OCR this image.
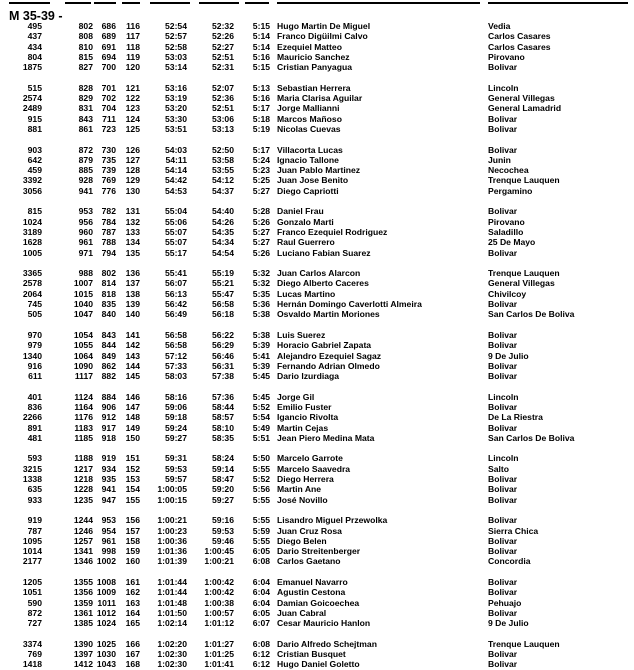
M 35-39 -
495	802	686	116	52:54	52:32	5:15 Hugo Martin De Miguel	Vedia
437	808	689	117	52:57	52:26	5:14 Franco Digüilmi Calvo	Carlos Casares
434	810	691	118	52:58	52:27	5:14 Ezequiel Matteo	Carlos Casares
804	815	694	119	53:03	52:51	5:16 Mauricio Sanchez	Pirovano
1875	827	700	120	53:14	52:31	5:15 Cristian Panyagua	Bolivar
515	828	701	121	53:16	52:07	5:13 Sebastian Herrera	Lincoln
2574	829	702	122	53:19	52:36	5:16 Maria Clarisa Aguilar	General Villegas
2489	831	704	123	53:20	52:51	5:17 Jorge Mallianni	General Lamadrid
915	843	711	124	53:30	53:06	5:18 Marcos Mañoso	Bolivar
881	861	723	125	53:51	53:13	5:19 Nicolas Cuevas	Bolivar
903	872	730	126	54:03	52:50	5:17 Villacorta Lucas	Bolivar
642	879	735	127	54:11	53:58	5:24 Ignacio Tallone	Junin
459	885	739	128	54:14	53:55	5:23 Juan Pablo Martinez	Necochea
3392	928	769	129	54:42	54:12	5:25 Juan Jose Benito	Trenque Lauquen
3056	941	776	130	54:53	54:37	5:27 Diego Capriotti	Pergamino
815	953	782	131	55:04	54:40	5:28 Daniel Frau	Bolivar
1024	956	784	132	55:06	54:26	5:26 Gonzalo Marti	Pirovano
3189	960	787	133	55:07	54:35	5:27 Franco Ezequiel Rodriguez	Saladillo
1628	961	788	134	55:07	54:34	5:27 Raul Guerrero	25 De Mayo
1005	971	794	135	55:17	54:54	5:26 Luciano Fabian Suarez	Bolivar
3365	988	802	136	55:41	55:19	5:32 Juan Carlos Alarcon	Trenque Lauquen
2578	1007	814	137	56:07	55:21	5:32 Diego Alberto Caceres	General Villegas
2064	1015	818	138	56:13	55:47	5:35 Lucas Martino	Chivilcoy
745	1040	835	139	56:42	56:58	5:36 Hernán Domingo Caverlotti Almeira	Bolivar
505	1047	840	140	56:49	56:18	5:38 Osvaldo Martin Moriones	San Carlos De Boliva
970	1054	843	141	56:58	56:22	5:38 Luis Suerez	Bolivar
979	1055	844	142	56:58	56:29	5:39 Horacio Gabriel Zapata	Bolivar
1340	1064	849	143	57:12	56:46	5:41 Alejandro Ezequiel Sagaz	9 De Julio
916	1090	862	144	57:33	56:31	5:39 Fernando Adrian Olmedo	Bolivar
611	1117	882	145	58:03	57:38	5:45 Dario Izurdiaga	Bolivar
401	1124	884	146	58:16	57:36	5:45 Jorge Gil	Lincoln
836	1164	906	147	59:06	58:44	5:52 Emilio Fuster	Bolivar
2266	1176	912	148	59:18	58:57	5:54 Igancio Rivolta	De La Riestra
891	1183	917	149	59:24	58:10	5:49 Martin Cejas	Bolivar
481	1185	918	150	59:27	58:35	5:51 Jean Piero Medina Mata	San Carlos De Boliva
593	1188	919	151	59:31	58:24	5:50 Marcelo Garrote	Lincoln
3215	1217	934	152	59:53	59:14	5:55 Marcelo Saavedra	Salto
1338	1218	935	153	59:57	58:47	5:52 Diego Herrera	Bolivar
635	1228	941	154 1:00:05	59:20	5:56 Martin Ane	Bolivar
933	1235	947	155 1:00:15	59:27	5:55 José Novillo	Bolivar
919	1244	953	156 1:00:21	59:16	5:55 Lisandro Miguel Przewolka	Bolivar
787	1246	954	157 1:00:23	59:53	5:59 Juan Cruz Rosa	Sierra Chica
1095	1257	961	158 1:00:36	59:46	5:55 Diego Belen	Bolivar
1014	1341	998	159 1:01:36 1:00:45	6:05 Dario Streitenberger	Bolivar
2177	1346 1002	160 1:01:39 1:00:21	6:08 Carlos Gaetano	Concordia
1205	1355 1008	161 1:01:44 1:00:42	6:04 Emanuel Navarro	Bolivar
1051	1356 1009	162 1:01:44 1:00:42	6:04 Agustin Cestona	Bolivar
590	1359 1011	163 1:01:48 1:00:38	6:04 Damian Goicoechea	Pehuajo
872	1361 1012	164 1:01:50 1:00:57	6:05 Juan Cabral	Bolivar
727	1385 1024	165 1:02:14 1:01:12	6:07 Cesar Mauricio Hanlon	9 De Julio
3374	1390 1025	166 1:02:20 1:01:27	6:08 Dario Alfredo Schejtman	Trenque Lauquen
769	1397 1030	167 1:02:30 1:01:25	6:12 Cristian Busquet	Bolivar
1418	1412 1043	168 1:02:30 1:01:41	6:12 Hugo Daniel Goletto	Bolivar
